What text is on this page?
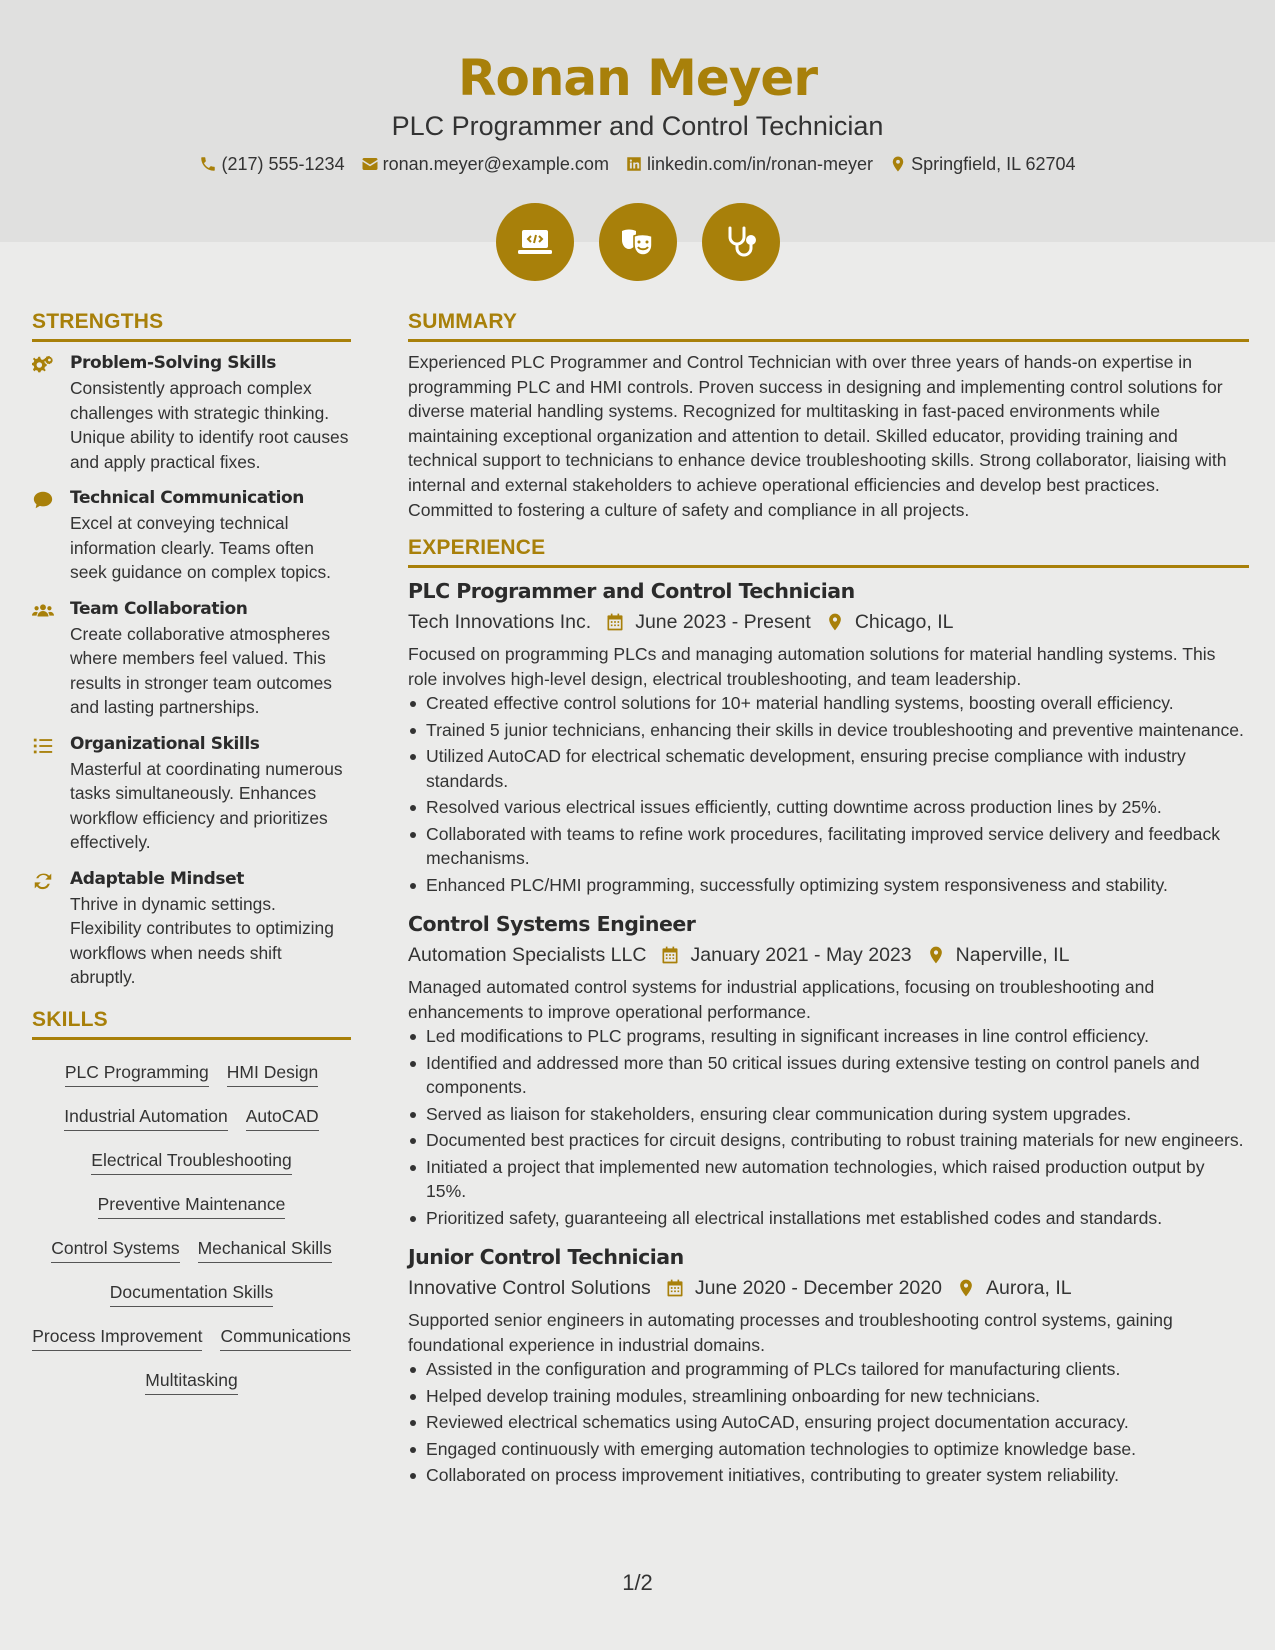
Ronan Meyer
PLC Programmer and Control Technician
(217) 555-1234 ronan.meyer@example.com linkedin.com/in/ronan-meyer Springfield, IL 62704
STRENGTHS
Problem-Solving Skills

Consistently approach complex challenges with strategic thinking. Unique ability to identify root causes and apply practical fixes.

Technical Communication

Excel at conveying technical information clearly. Teams often seek guidance on complex topics.

Team Collaboration

Create collaborative atmospheres where members feel valued. This results in stronger team outcomes and lasting partnerships.

Organizational Skills

Masterful at coordinating numerous tasks simultaneously. Enhances workflow efficiency and prioritizes effectively.

Adaptable Mindset

Thrive in dynamic settings. Flexibility contributes to optimizing workflows when needs shift abruptly.

SKILLS
PLC Programming HMI Design
Industrial Automation AutoCAD
Electrical Troubleshooting
Preventive Maintenance
Control Systems Mechanical Skills
Documentation Skills
Process Improvement Communications
Multitasking
SUMMARY

Experienced PLC Programmer and Control Technician with over three years of hands-on expertise in programming PLC and HMI controls. Proven success in designing and implementing control solutions for diverse material handling systems. Recognized for multitasking in fast-paced environments while maintaining exceptional organization and attention to detail. Skilled educator, providing training and technical support to technicians to enhance device troubleshooting skills. Strong collaborator, liaising with internal and external stakeholders to achieve operational efficiencies and develop best practices. Committed to fostering a culture of safety and compliance in all projects.

EXPERIENCE
PLC Programmer and Control Technician
Tech Innovations Inc. June 2023 - Present Chicago, IL

Focused on programming PLCs and managing automation solutions for material handling systems. This role involves high-level design, electrical troubleshooting, and team leadership.

Created effective control solutions for 10+ material handling systems, boosting overall efficiency.
Trained 5 junior technicians, enhancing their skills in device troubleshooting and preventive maintenance.
Utilized AutoCAD for electrical schematic development, ensuring precise compliance with industry standards.
Resolved various electrical issues efficiently, cutting downtime across production lines by 25%.
Collaborated with teams to refine work procedures, facilitating improved service delivery and feedback mechanisms.
Enhanced PLC/HMI programming, successfully optimizing system responsiveness and stability.
Control Systems Engineer
Automation Specialists LLC January 2021 - May 2023 Naperville, IL

Managed automated control systems for industrial applications, focusing on troubleshooting and enhancements to improve operational performance.

Led modifications to PLC programs, resulting in significant increases in line control efficiency.
Identified and addressed more than 50 critical issues during extensive testing on control panels and components.
Served as liaison for stakeholders, ensuring clear communication during system upgrades.
Documented best practices for circuit designs, contributing to robust training materials for new engineers.
Initiated a project that implemented new automation technologies, which raised production output by 15%.
Prioritized safety, guaranteeing all electrical installations met established codes and standards.
Junior Control Technician
Innovative Control Solutions June 2020 - December 2020 Aurora, IL

Supported senior engineers in automating processes and troubleshooting control systems, gaining foundational experience in industrial domains.

Assisted in the configuration and programming of PLCs tailored for manufacturing clients.
Helped develop training modules, streamlining onboarding for new technicians.
Reviewed electrical schematics using AutoCAD, ensuring project documentation accuracy.
Engaged continuously with emerging automation technologies to optimize knowledge base.
Collaborated on process improvement initiatives, contributing to greater system reliability.
1/2
